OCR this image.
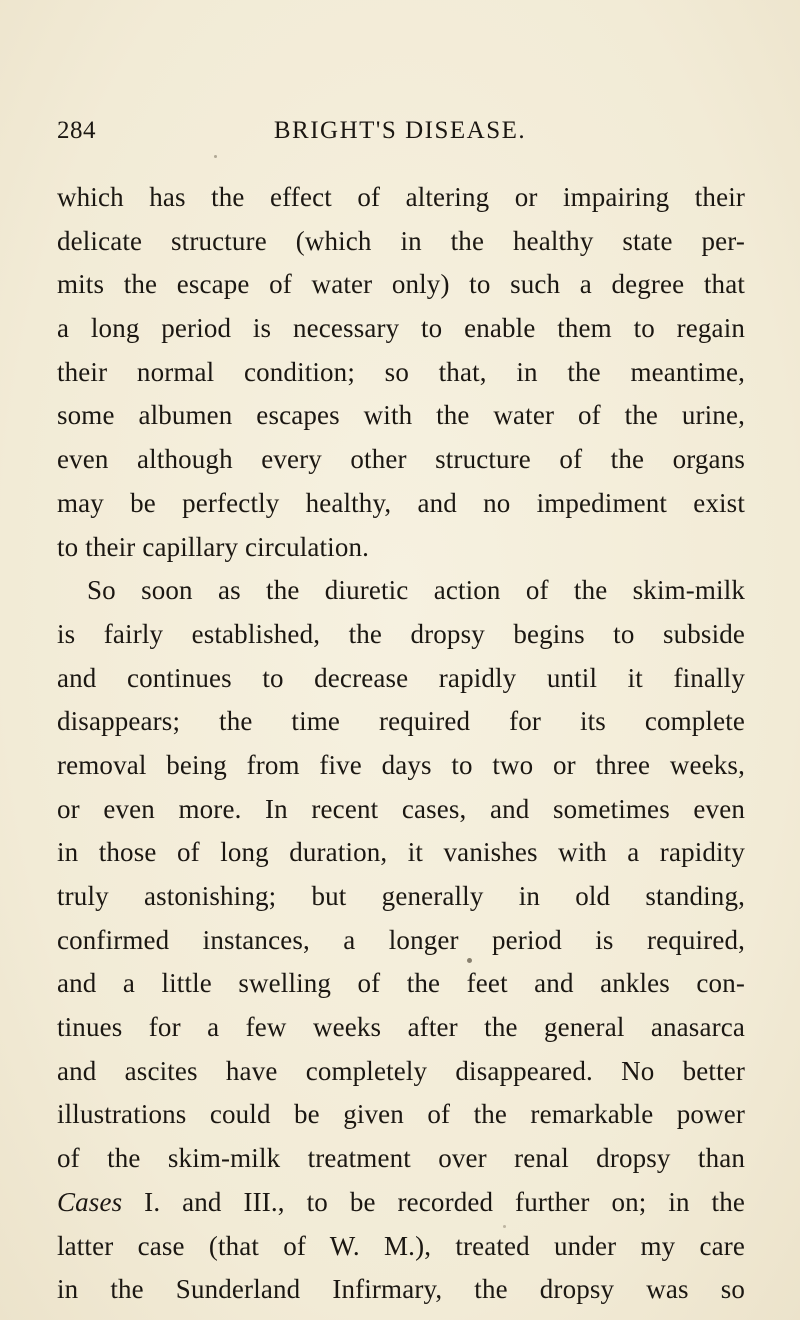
284	BRIGHT'S DISEASE.
which has the effect of altering or impairing their
delicate structure (which in the healthy state per-
mits the escape of water only) to such a degree that
a long period is necessary to enable them to regain
their normal condition; so that, in the meantime,
some albumen escapes with the water of the urine,
even although every other structure of the organs
may be perfectly healthy, and no impediment exist
to their capillary circulation.
So soon as the diuretic action of the skim-milk
is fairly established, the dropsy begins to subside
and continues to decrease rapidly until it finally
disappears; the time required for its complete
removal being from five days to two or three weeks,
or even more. In recent cases, and sometimes even
in those of long duration, it vanishes with a rapidity
truly astonishing; but generally in old standing,
confirmed instances, a longer period is required,
and a little swelling of the feet and ankles con-
tinues for a few weeks after the general anasarca
and ascites have completely disappeared. No better
illustrations could be given of the remarkable power
of the skim-milk treatment over renal dropsy than
Cases I. and III., to be recorded further on; in the
latter case (that of W. M.), treated under my care
in the Sunderland Infirmary, the dropsy was so
